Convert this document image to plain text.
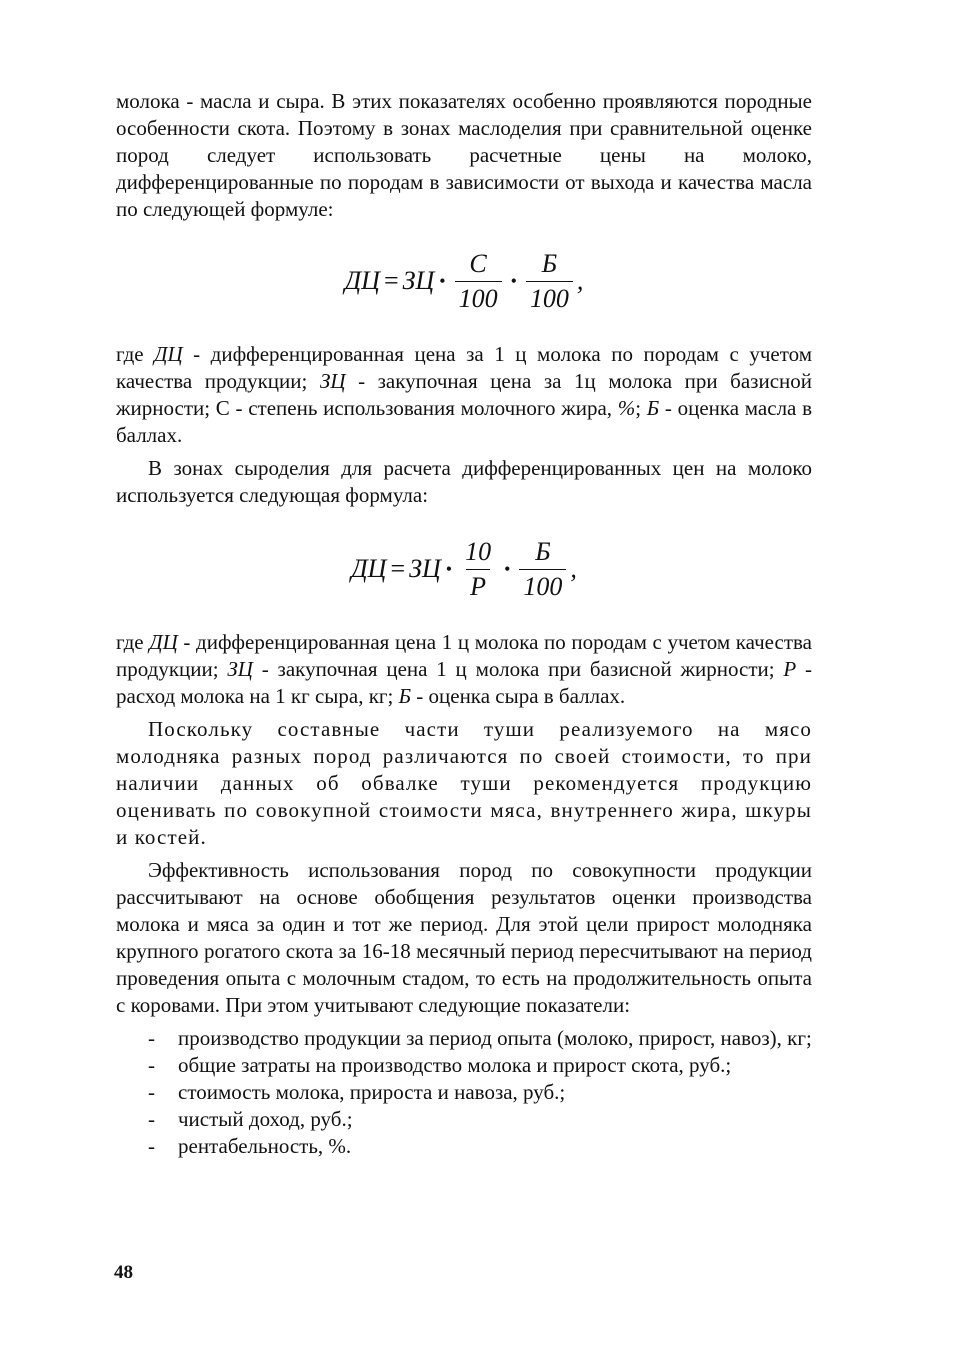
молока - масла и сыра. В этих показателях особенно проявляются породные особенности скота. Поэтому в зонах маслоделия при сравнительной оценке пород следует использовать расчетные цены на молоко, дифференцированные по породам в зависимости от выхода и качества масла по следующей формуле:

ДЦ = ЗЦ • $\frac{С}{100}$ • $\frac{Б}{100}$ ,

где ДЦ - дифференцированная цена за 1 ц молока по породам с учетом качества продукции; ЗЦ - закупочная цена за 1ц молока при базисной жирности; С - степень использования молочного жира, %; Б - оценка масла в баллах.

В зонах сыроделия для расчета дифференцированных цен на молоко используется следующая формула:

ДЦ = ЗЦ • $\frac{10}{Р}$ • $\frac{Б}{100}$ ,

где ДЦ - дифференцированная цена 1 ц молока по породам с учетом качества продукции; ЗЦ - закупочная цена 1 ц молока при базисной жирности; Р - расход молока на 1 кг сыра, кг; Б - оценка сыра в баллах.

Поскольку составные части туши реализуемого на мясо молодняка разных пород различаются по своей стоимости, то при наличии данных об обвалке туши рекомендуется продукцию оценивать по совокупной стоимости мяса, внутреннего жира, шкуры и костей.

Эффективность использования пород по совокупности продукции рассчитывают на основе обобщения результатов оценки производства молока и мяса за один и тот же период. Для этой цели прирост молодняка крупного рогатого скота за 16-18 месячный период пересчитывают на период проведения опыта с молочным стадом, то есть на продолжительность опыта с коровами. При этом учитывают следующие показатели:

-	производство продукции за период опыта (молоко, прирост, навоз), кг;
-	общие затраты на производство молока и прирост скота, руб.;
-	стоимость молока, прироста и навоза, руб.;
-	чистый доход, руб.;
-	рентабельность, %.
48
